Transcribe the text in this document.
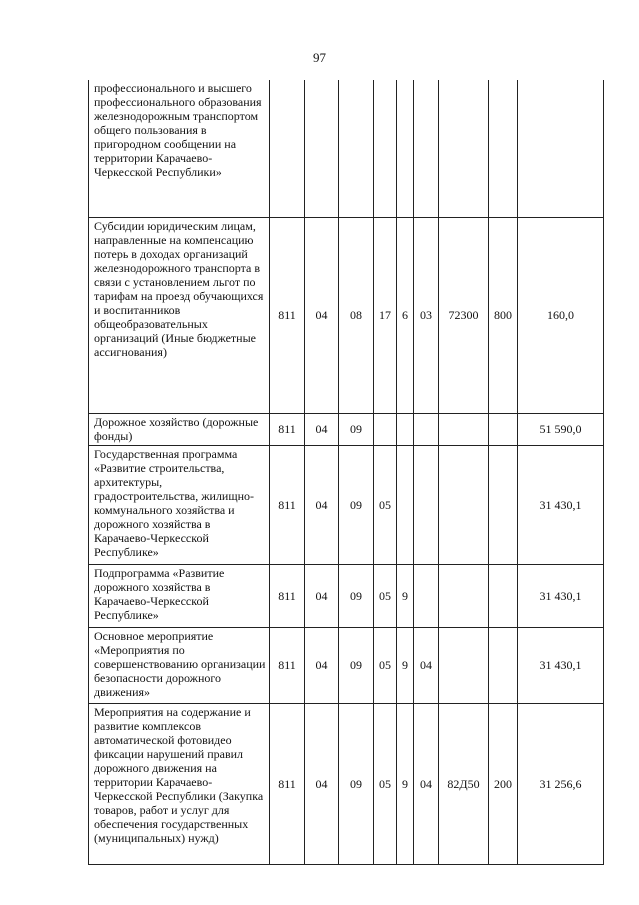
97
профессионального и высшего профессионального образования железнодорожным транспортом общего пользования в пригородном сообщении на территории Карачаево-Черкесской Республики»									
Субсидии юридическим лицам, направленные на компенсацию потерь в доходах организаций железнодорожного транспорта в связи с установлением льгот по тарифам на проезд обучающихся и воспитанников общеобразовательных организаций (Иные бюджетные ассигнования)	811	04	08	17	6	03	72300	800	160,0
Дорожное хозяйство (дорожные фонды)	811	04	09						51 590,0
Государственная программа «Развитие строительства, архитектуры, градостроительства, жилищно-коммунального хозяйства и дорожного хозяйства в Карачаево-Черкесской Республике»	811	04	09	05					31 430,1
Подпрограмма «Развитие дорожного хозяйства в Карачаево-Черкесской Республике»	811	04	09	05	9				31 430,1
Основное мероприятие «Мероприятия по совершенствованию организации безопасности дорожного движения»	811	04	09	05	9	04			31 430,1
Мероприятия на содержание и развитие комплексов автоматической фотовидео фиксации нарушений правил дорожного движения на территории Карачаево-Черкесской Республики (Закупка товаров, работ и услуг для обеспечения государственных (муниципальных) нужд)	811	04	09	05	9	04	82Д50	200	31 256,6
